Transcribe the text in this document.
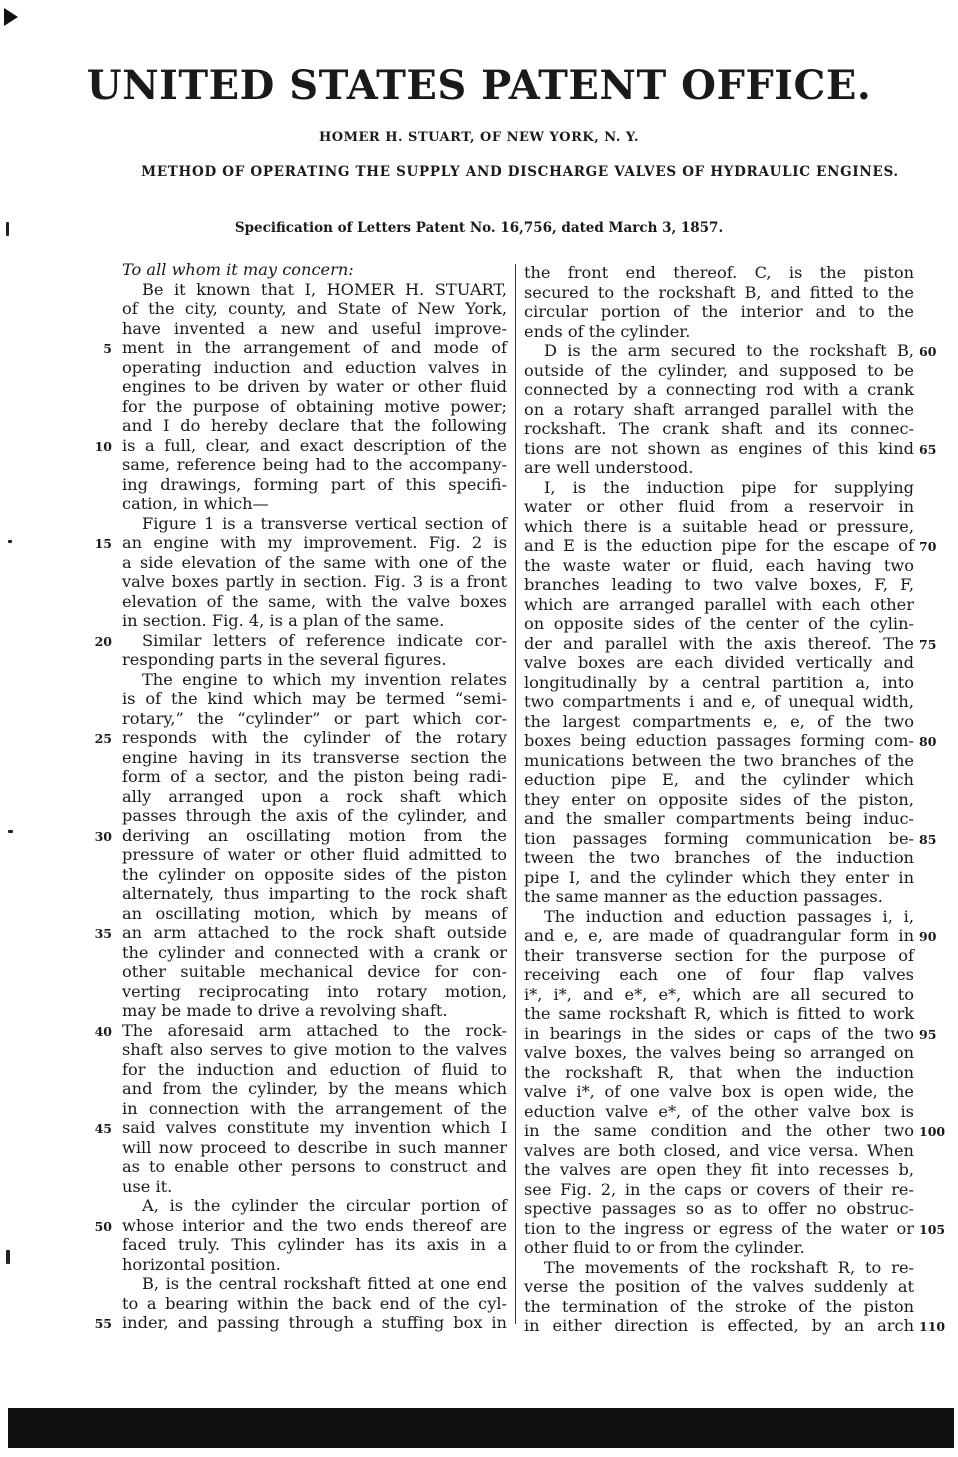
UNITED STATES PATENT OFFICE.
HOMER H. STUART, OF NEW YORK, N. Y.
METHOD OF OPERATING THE SUPPLY AND DISCHARGE VALVES OF HYDRAULIC ENGINES.
Specification of Letters Patent No. 16,756, dated March 3, 1857.
To all whom it may concern:
Be it known that I, HOMER H. STUART,
of the city, county, and State of New York,
have invented a new and useful improve-
ment in the arrangement of and mode of
operating induction and eduction valves in
engines to be driven by water or other fluid
for the purpose of obtaining motive power;
and I do hereby declare that the following
is a full, clear, and exact description of the
same, reference being had to the accompany-
ing drawings, forming part of this specifi-
cation, in which—
Figure 1 is a transverse vertical section of
an engine with my improvement. Fig. 2 is
a side elevation of the same with one of the
valve boxes partly in section. Fig. 3 is a front
elevation of the same, with the valve boxes
in section. Fig. 4, is a plan of the same.
Similar letters of reference indicate cor-
responding parts in the several figures.
The engine to which my invention relates
is of the kind which may be termed “semi-
rotary,” the “cylinder” or part which cor-
responds with the cylinder of the rotary
engine having in its transverse section the
form of a sector, and the piston being radi-
ally arranged upon a rock shaft which
passes through the axis of the cylinder, and
deriving an oscillating motion from the
pressure of water or other fluid admitted to
the cylinder on opposite sides of the piston
alternately, thus imparting to the rock shaft
an oscillating motion, which by means of
an arm attached to the rock shaft outside
the cylinder and connected with a crank or
other suitable mechanical device for con-
verting reciprocating into rotary motion,
may be made to drive a revolving shaft.
The aforesaid arm attached to the rock-
shaft also serves to give motion to the valves
for the induction and eduction of fluid to
and from the cylinder, by the means which
in connection with the arrangement of the
said valves constitute my invention which I
will now proceed to describe in such manner
as to enable other persons to construct and
use it.
A, is the cylinder the circular portion of
whose interior and the two ends thereof are
faced truly. This cylinder has its axis in a
horizontal position.
B, is the central rockshaft fitted at one end
to a bearing within the back end of the cyl-
inder, and passing through a stuffing box in
the front end thereof. C, is the piston
secured to the rockshaft B, and fitted to the
circular portion of the interior and to the
ends of the cylinder.
D is the arm secured to the rockshaft B,
outside of the cylinder, and supposed to be
connected by a connecting rod with a crank
on a rotary shaft arranged parallel with the
rockshaft. The crank shaft and its connec-
tions are not shown as engines of this kind
are well understood.
I, is the induction pipe for supplying
water or other fluid from a reservoir in
which there is a suitable head or pressure,
and E is the eduction pipe for the escape of
the waste water or fluid, each having two
branches leading to two valve boxes, F, F,
which are arranged parallel with each other
on opposite sides of the center of the cylin-
der and parallel with the axis thereof. The
valve boxes are each divided vertically and
longitudinally by a central partition a, into
two compartments i and e, of unequal width,
the largest compartments e, e, of the two
boxes being eduction passages forming com-
munications between the two branches of the
eduction pipe E, and the cylinder which
they enter on opposite sides of the piston,
and the smaller compartments being induc-
tion passages forming communication be-
tween the two branches of the induction
pipe I, and the cylinder which they enter in
the same manner as the eduction passages.
The induction and eduction passages i, i,
and e, e, are made of quadrangular form in
their transverse section for the purpose of
receiving each one of four flap valves
i*, i*, and e*, e*, which are all secured to
the same rockshaft R, which is fitted to work
in bearings in the sides or caps of the two
valve boxes, the valves being so arranged on
the rockshaft R, that when the induction
valve i*, of one valve box is open wide, the
eduction valve e*, of the other valve box is
in the same condition and the other two
valves are both closed, and vice versa. When
the valves are open they fit into recesses b,
see Fig. 2, in the caps or covers of their re-
spective passages so as to offer no obstruc-
tion to the ingress or egress of the water or
other fluid to or from the cylinder.
The movements of the rockshaft R, to re-
verse the position of the valves suddenly at
the termination of the stroke of the piston
in either direction is effected, by an arch
5
10
15
20
25
30
35
40
45
50
55
60
65
70
75
80
85
90
95
100
105
110
